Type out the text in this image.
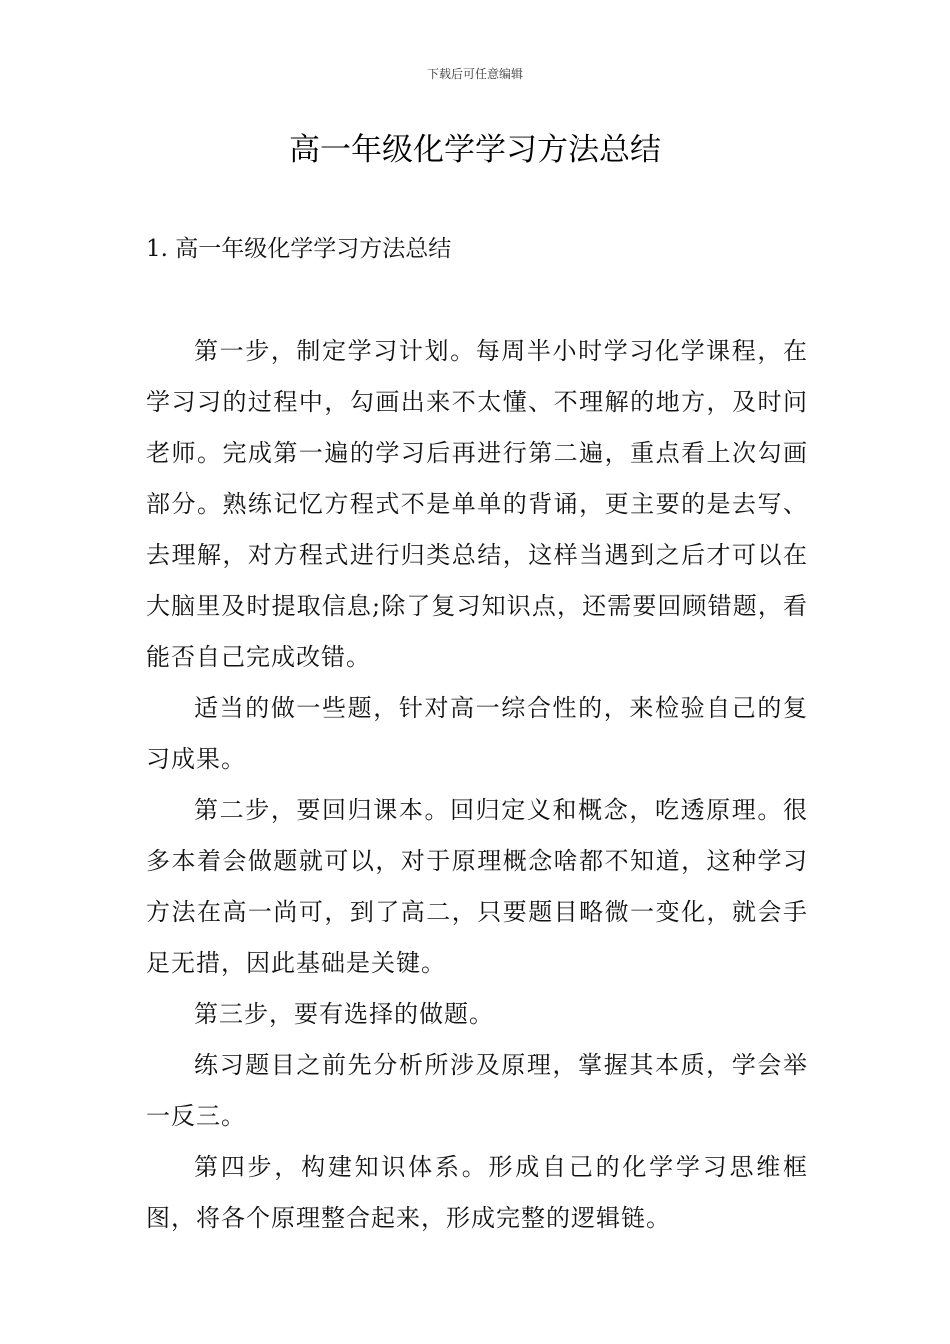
下载后可任意编辑
高一年级化学学习方法总结
1. 高一年级化学学习方法总结

第一步，制定学习计划。每周半小时学习化学课程，在学习习的过程中，勾画出来不太懂、不理解的地方，及时问老师。完成第一遍的学习后再进行第二遍，重点看上次勾画部分。熟练记忆方程式不是单单的背诵，更主要的是去写、去理解，对方程式进行归类总结，这样当遇到之后才可以在大脑里及时提取信息;除了复习知识点，还需要回顾错题，看能否自己完成改错。

适当的做一些题，针对高一综合性的，来检验自己的复习成果。

第二步，要回归课本。回归定义和概念，吃透原理。很多本着会做题就可以，对于原理概念啥都不知道，这种学习方法在高一尚可，到了高二，只要题目略微一变化，就会手足无措，因此基础是关键。

第三步，要有选择的做题。

练习题目之前先分析所涉及原理，掌握其本质，学会举一反三。

第四步，构建知识体系。形成自己的化学学习思维框图，将各个原理整合起来，形成完整的逻辑链。
